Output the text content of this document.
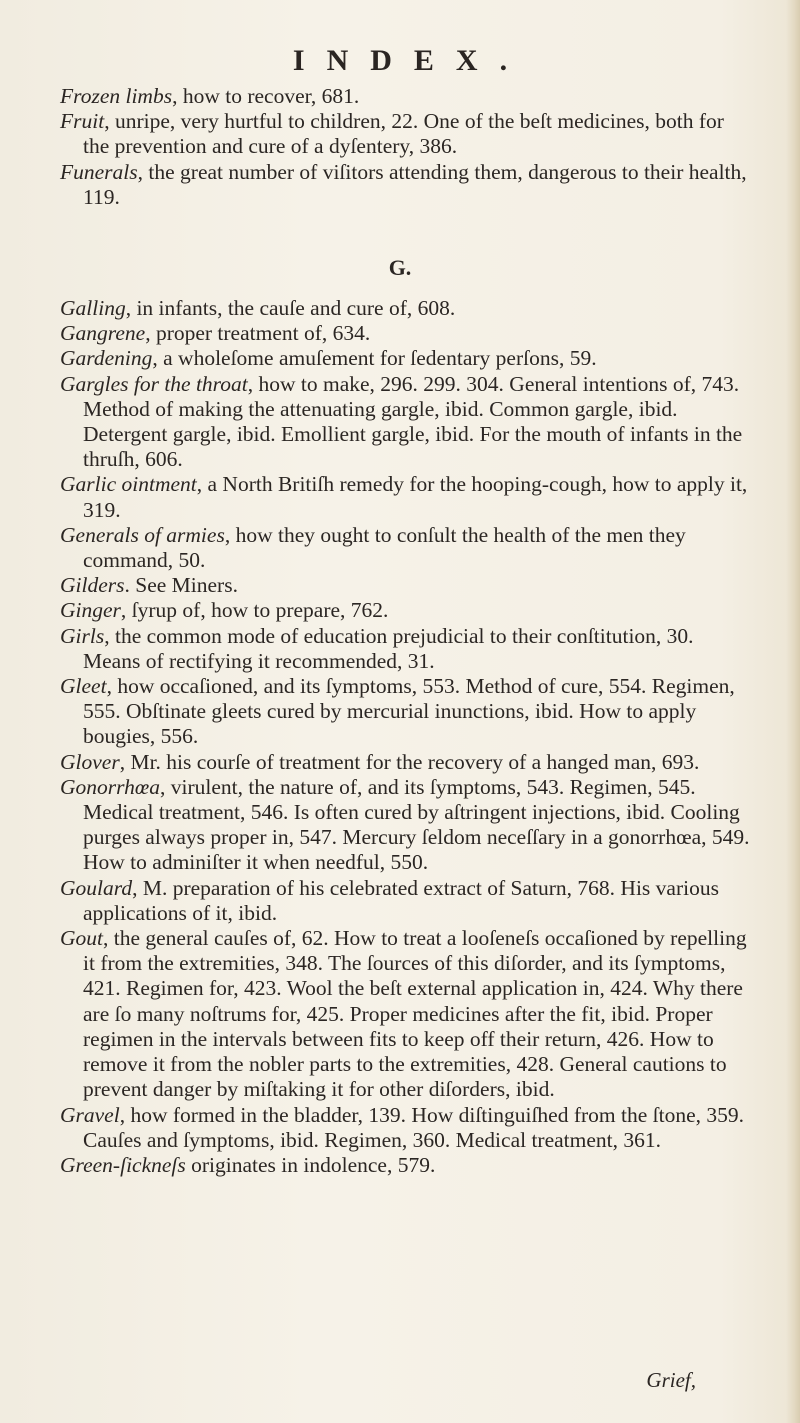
INDEX.

Frozen limbs, how to recover, 681.

Fruit, unripe, very hurtful to children, 22. One of the beſt medicines, both for the prevention and cure of a dyſentery, 386.

Funerals, the great number of viſitors attending them, dangerous to their health, 119.

G.

Galling, in infants, the cauſe and cure of, 608.

Gangrene, proper treatment of, 634.

Gardening, a wholeſome amuſement for ſedentary perſons, 59.

Gargles for the throat, how to make, 296. 299. 304. General intentions of, 743. Method of making the attenuating gargle, ibid. Common gargle, ibid. Detergent gargle, ibid. Emollient gargle, ibid. For the mouth of infants in the thruſh, 606.

Garlic ointment, a North Britiſh remedy for the hooping-cough, how to apply it, 319.

Generals of armies, how they ought to conſult the health of the men they command, 50.

Gilders. See Miners.

Ginger, ſyrup of, how to prepare, 762.

Girls, the common mode of education prejudicial to their conſtitution, 30. Means of rectifying it recommended, 31.

Gleet, how occaſioned, and its ſymptoms, 553. Method of cure, 554. Regimen, 555. Obſtinate gleets cured by mercurial inunctions, ibid. How to apply bougies, 556.

Glover, Mr. his courſe of treatment for the recovery of a hanged man, 693.

Gonorrhœa, virulent, the nature of, and its ſymptoms, 543. Regimen, 545. Medical treatment, 546. Is often cured by aſtringent injections, ibid. Cooling purges always proper in, 547. Mercury ſeldom neceſſary in a gonorrhœa, 549. How to adminiſter it when needful, 550.

Goulard, M. preparation of his celebrated extract of Saturn, 768. His various applications of it, ibid.

Gout, the general cauſes of, 62. How to treat a looſeneſs occaſioned by repelling it from the extremities, 348. The ſources of this diſorder, and its ſymptoms, 421. Regimen for, 423. Wool the beſt external application in, 424. Why there are ſo many noſtrums for, 425. Proper medicines after the fit, ibid. Proper regimen in the intervals between fits to keep off their return, 426. How to remove it from the nobler parts to the extremities, 428. General cautions to prevent danger by miſtaking it for other diſorders, ibid.

Gravel, how formed in the bladder, 139. How diſtinguiſhed from the ſtone, 359. Cauſes and ſymptoms, ibid. Regimen, 360. Medical treatment, 361.

Green-ſickneſs originates in indolence, 579.

Grief,
